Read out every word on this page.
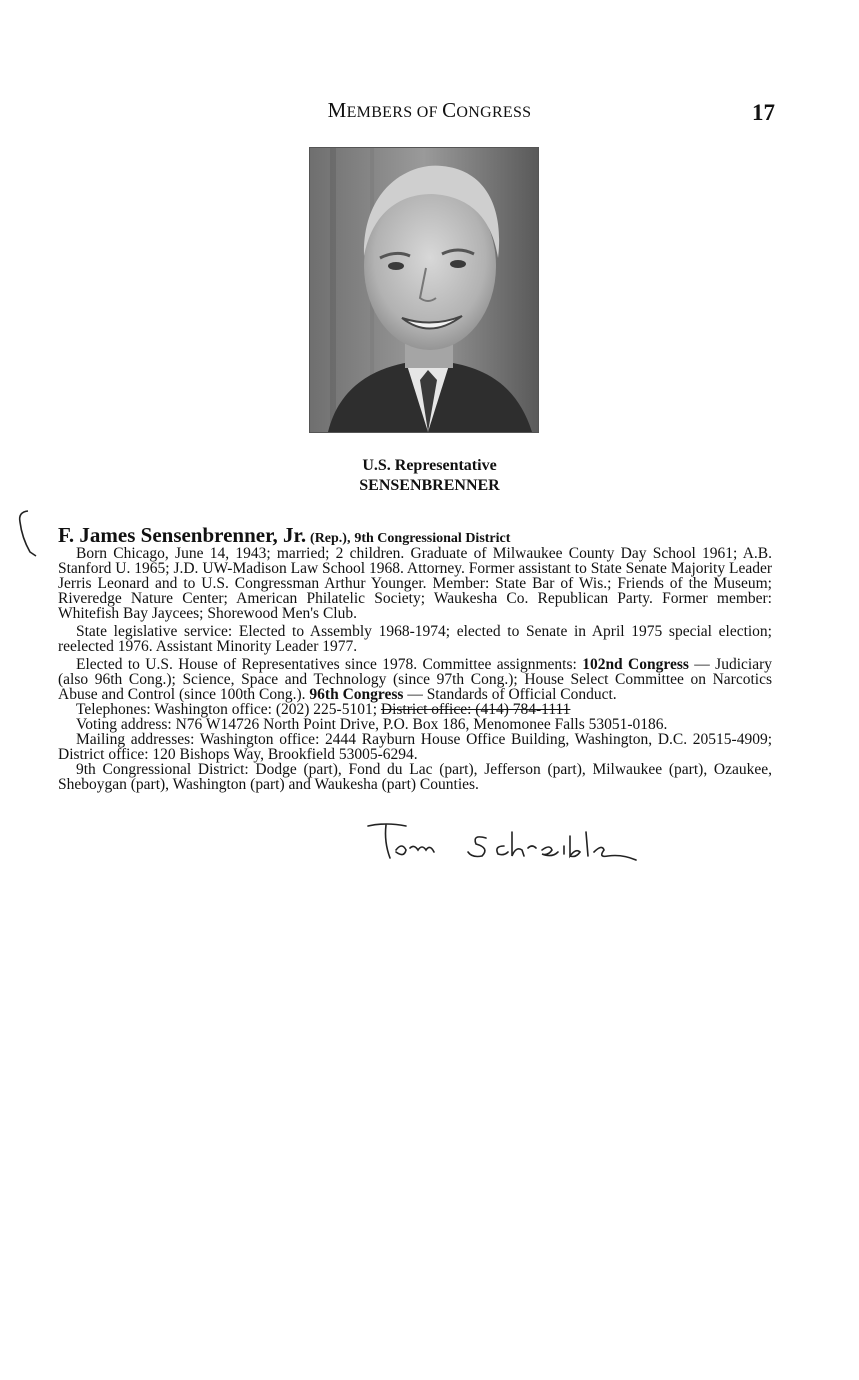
MEMBERS OF CONGRESS	17
U.S. Representative
SENSENBRENNER

F. James Sensenbrenner, Jr. (Rep.), 9th Congressional District

Born Chicago, June 14, 1943; married; 2 children. Graduate of Milwaukee County Day School 1961; A.B. Stanford U. 1965; J.D. UW-Madison Law School 1968. Attorney. Former assistant to State Senate Majority Leader Jerris Leonard and to U.S. Congressman Arthur Younger. Member: State Bar of Wis.; Friends of the Museum; Riveredge Nature Center; American Philatelic Society; Waukesha Co. Republican Party. Former member: Whitefish Bay Jaycees; Shorewood Men's Club.

State legislative service: Elected to Assembly 1968-1974; elected to Senate in April 1975 special election; reelected 1976. Assistant Minority Leader 1977.

Elected to U.S. House of Representatives since 1978. Committee assignments: 102nd Congress — Judiciary (also 96th Cong.); Science, Space and Technology (since 97th Cong.); House Select Committee on Narcotics Abuse and Control (since 100th Cong.). 96th Congress — Standards of Official Conduct.

Telephones: Washington office: (202) 225-5101; District office: (414) 784-1111

Voting address: N76 W14726 North Point Drive, P.O. Box 186, Menomonee Falls 53051-0186.

Mailing addresses: Washington office: 2444 Rayburn House Office Building, Washington, D.C. 20515-4909; District office: 120 Bishops Way, Brookfield 53005-6294.

9th Congressional District: Dodge (part), Fond du Lac (part), Jefferson (part), Milwaukee (part), Ozaukee, Sheboygan (part), Washington (part) and Waukesha (part) Counties.
